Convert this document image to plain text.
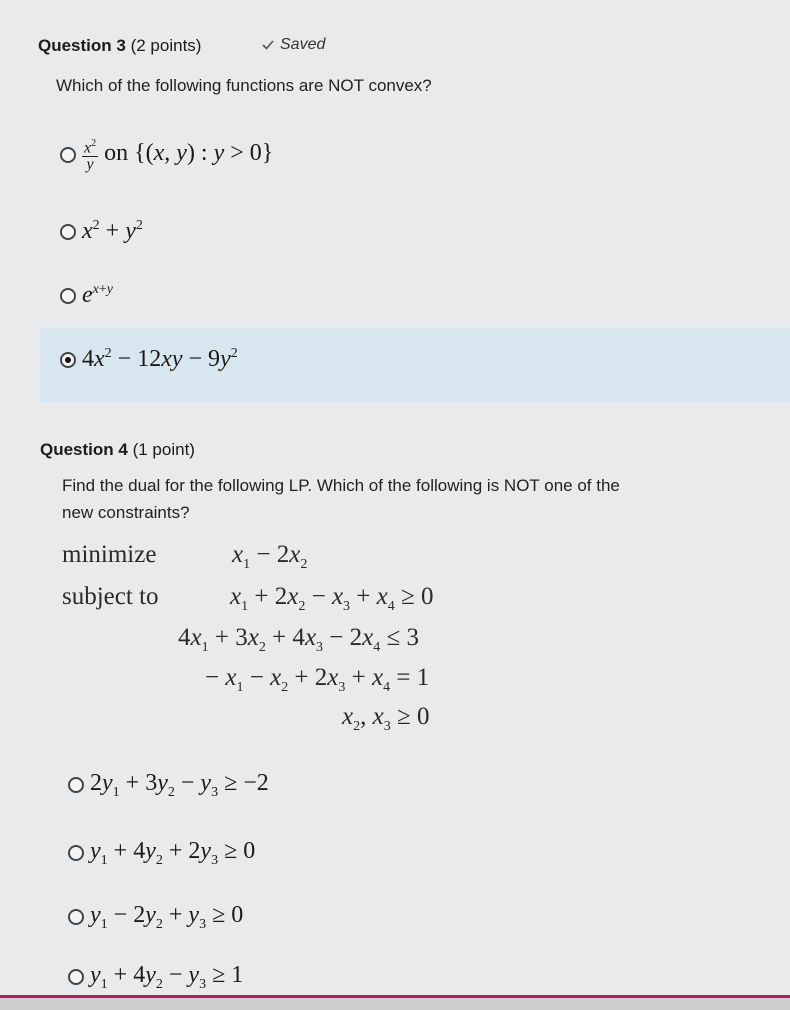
Question 3 (2 points)	Saved
Which of the following functions are NOT convex?
$\frac{x^2}{y}$ on {(x, y) : y > 0}
$x^2 + y^2$
$e^{x+y}$
$4x^2 - 12xy - 9y^2$
Question 4 (1 point)
Find the dual for the following LP. Which of the following is NOT one of the
new constraints?
minimize
subject to
$x_1 - 2x_2$
$x_1 + 2x_2 - x_3 + x_4 \ge 0$
$4x_1 + 3x_2 + 4x_3 - 2x_4 \le 3$
− $x_1 - x_2 + 2x_3 + x_4 = 1$
$x_2$, $x_3 \ge 0$
$2y_1 + 3y_2 - y_3 \ge -2$
$y_1 + 4y_2 + 2y_3 \ge 0$
$y_1 - 2y_2 + y_3 \ge 0$
$y_1 + 4y_2 - y_3 \ge 1$
